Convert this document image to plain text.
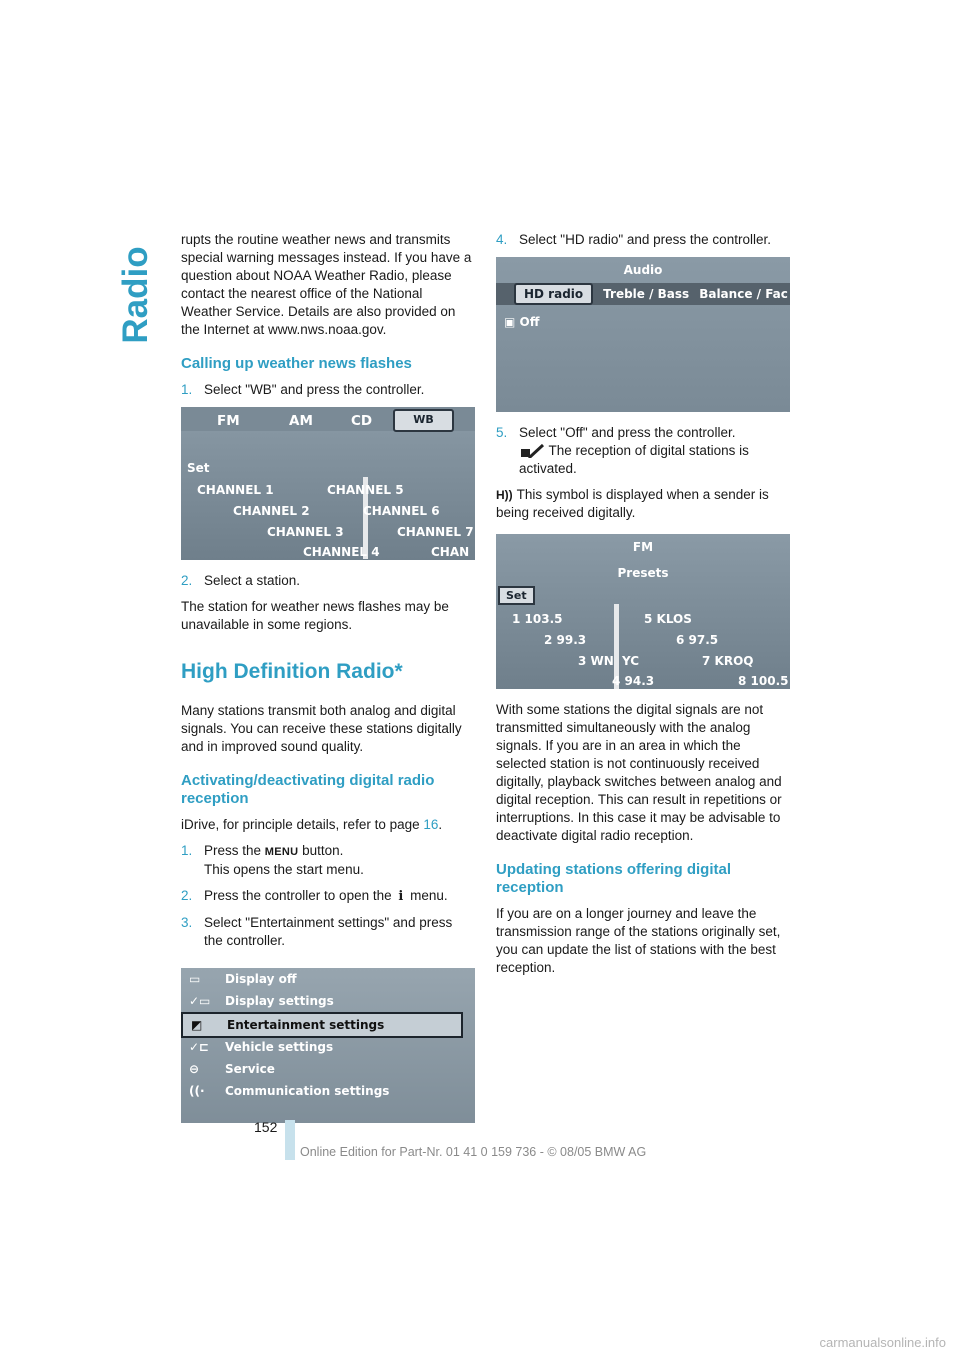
Radio

rupts the routine weather news and transmits special warning messages instead. If you have a question about NOAA Weather Radio, please contact the nearest office of the National Weather Service. Details are also provided on the Internet at www.nws.noaa.gov.

Calling up weather news flashes
1. Select "WB" and press the controller.
FM	AM	CD	WB
Set
CHANNEL 1	CHANNEL 5
CHANNEL 2	CHANNEL 6
CHANNEL 3	CHANNEL 7
CHANNEL 4	CHAN
2. Select a station.

The station for weather news flashes may be unavailable in some regions.

High Definition Radio*

Many stations transmit both analog and digital signals. You can receive these stations digitally and in improved sound quality.

Activating/deactivating digital radio reception

iDrive, for principle details, refer to page 16.

1. Press the MENU button.
This opens the start menu.
2. Press the controller to open the i menu.
3. Select "Entertainment settings" and press the controller.
▭	Display off
✓▭	Display settings
◩	Entertainment settings
✓⊏	Vehicle settings
⊖	Service
((·	Communication settings
4. Select "HD radio" and press the controller.
Audio
HD radio	Treble / Bass Balance / Fac
▣ Off
5. Select "Off" and press the controller.
The reception of digital stations is activated.

H)) This symbol is displayed when a sender is being received digitally.

FM
Presets
Set
1 103.5	5 KLOS
2 99.3	6 97.5
3 WN YC	7 KROQ
4 94.3	8 100.5

With some stations the digital signals are not transmitted simultaneously with the analog signals. If you are in an area in which the selected station is not continuously received digitally, playback switches between analog and digital reception. This can result in repetitions or interruptions. In this case it may be advisable to deactivate digital radio reception.

Updating stations offering digital reception

If you are on a longer journey and leave the transmission range of the stations originally set, you can update the list of stations with the best reception.

152
Online Edition for Part-Nr. 01 41 0 159 736 - © 08/05 BMW AG
carmanualsonline.info
